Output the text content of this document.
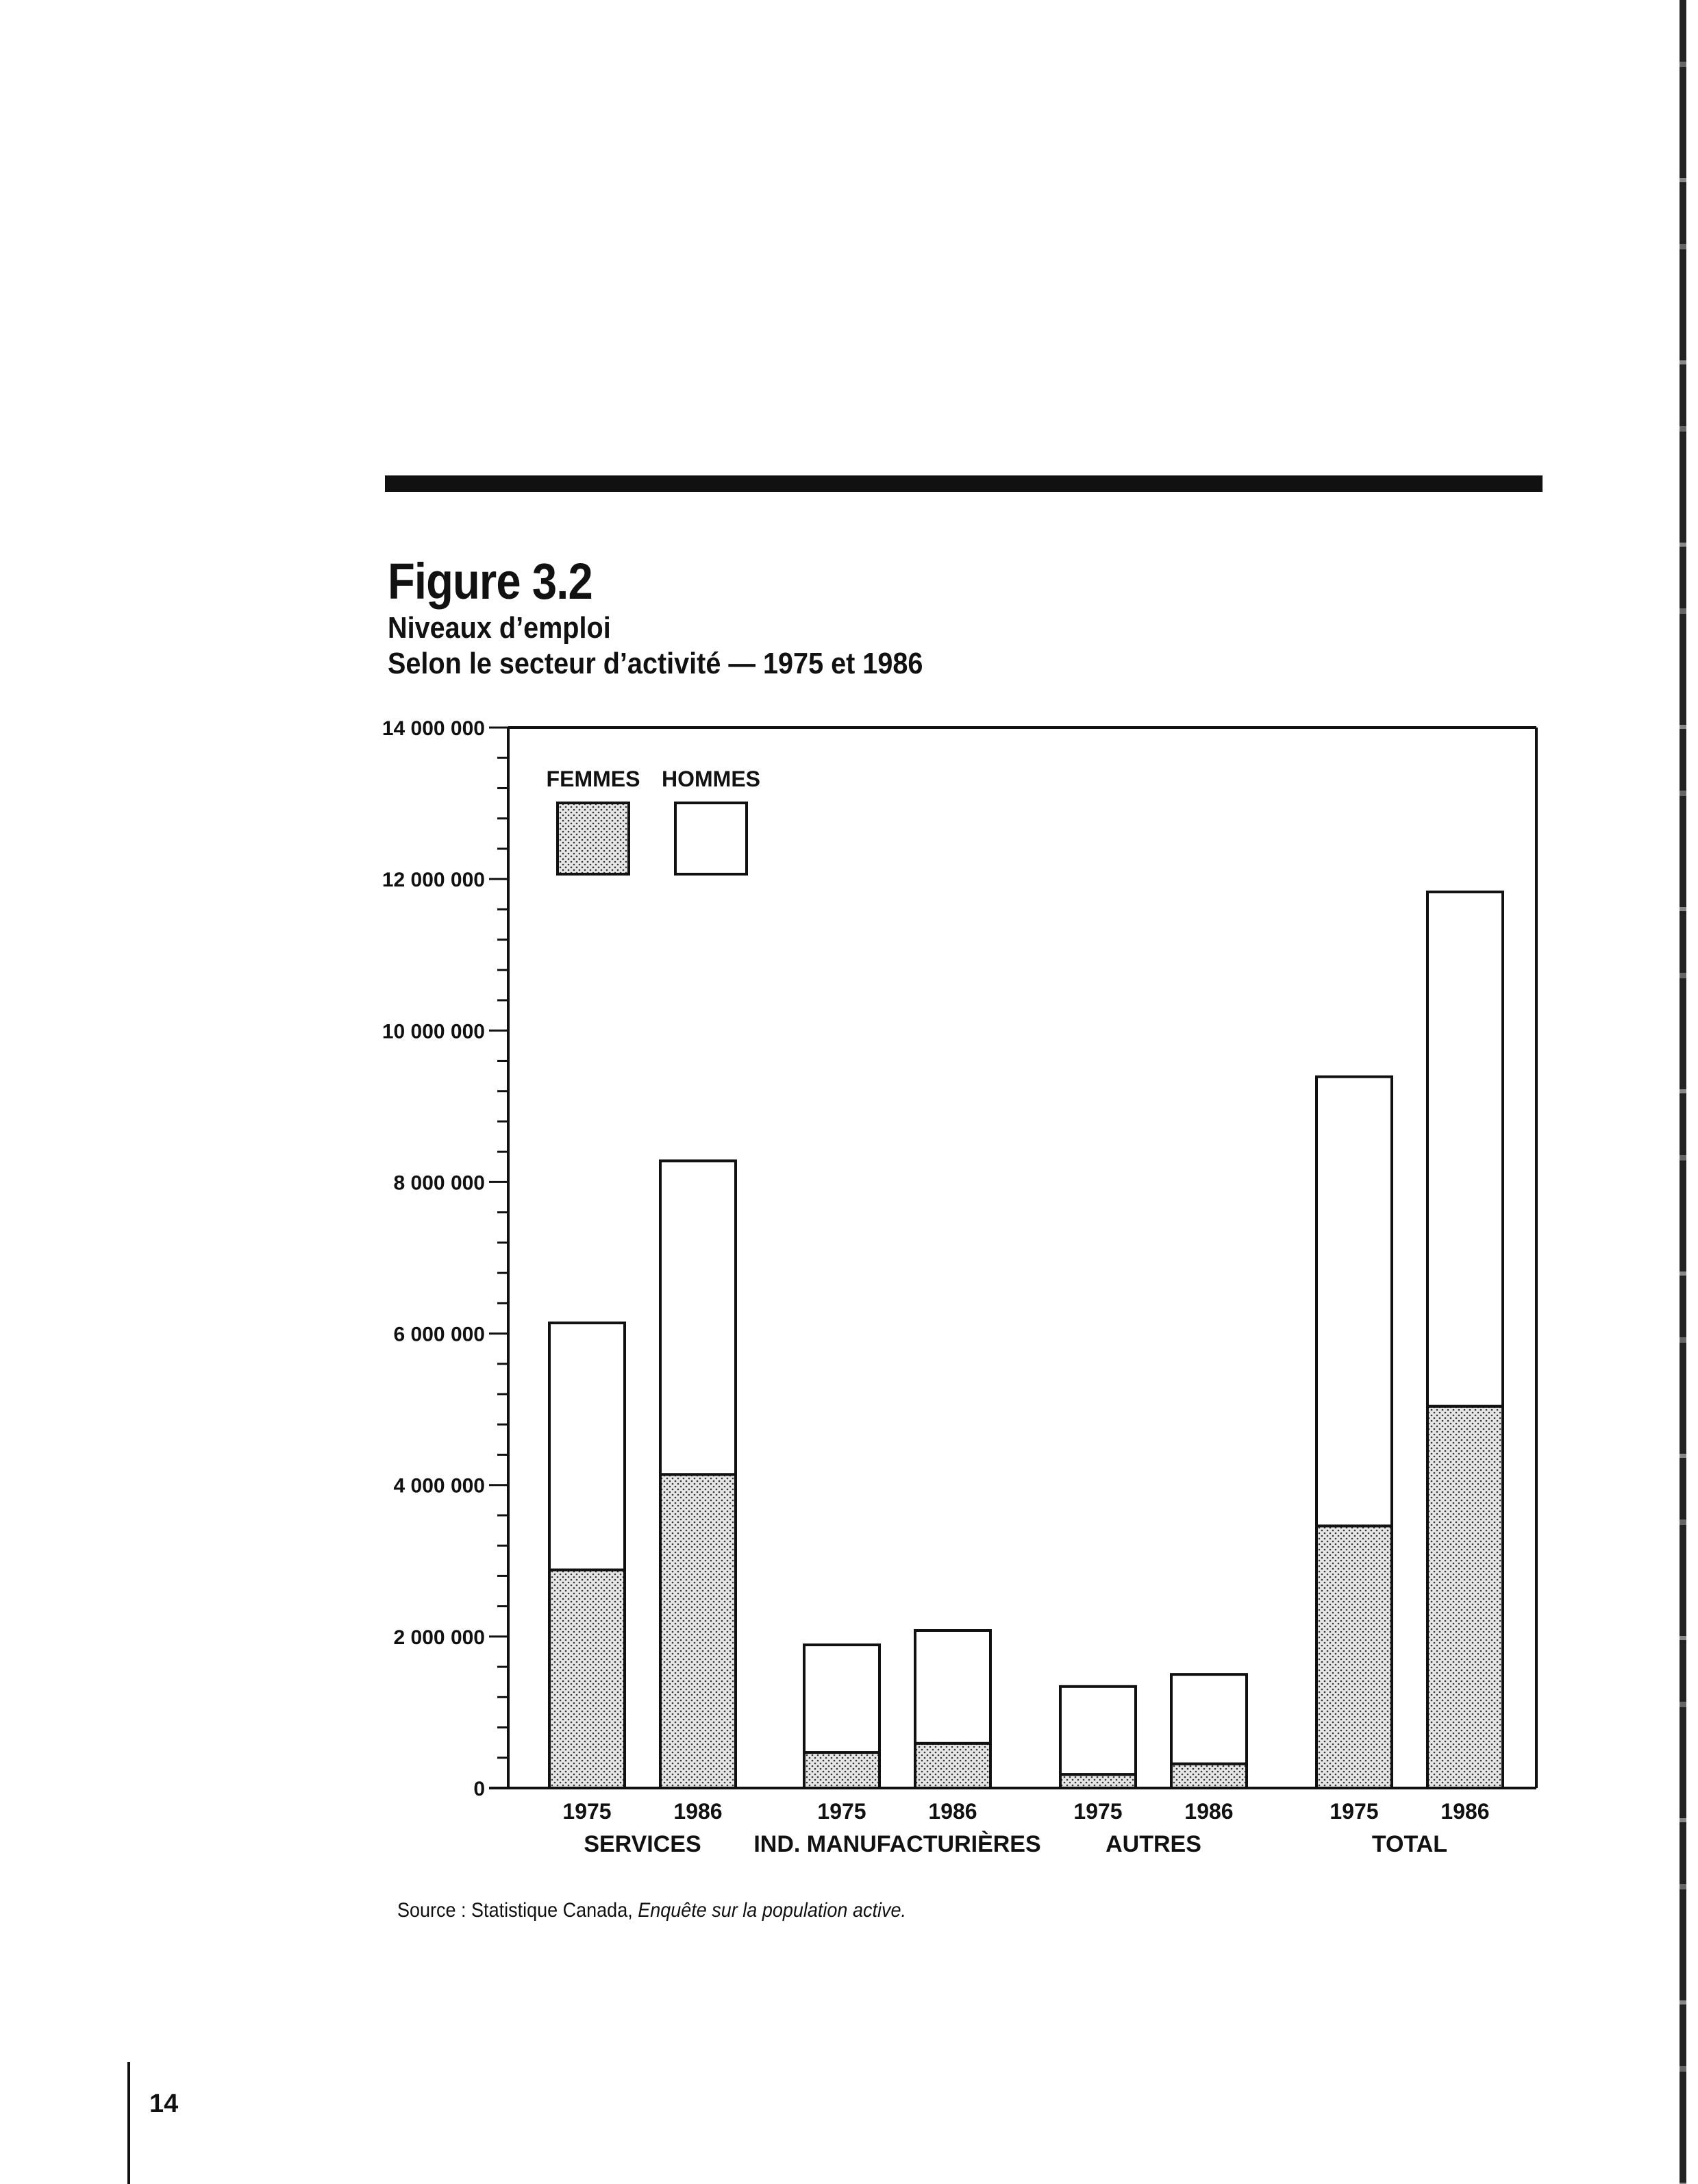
Figure 3.2
Niveaux d’emploi
Selon le secteur d’activité — 1975 et 1986
0
2 000 000
4 000 000
6 000 000
8 000 000
10 000 000
12 000 000
14 000 000
1975	1986
SERVICES
1975	1986
IND. MANUFACTURIÈRES
1975	1986
AUTRES
1975	1986
TOTAL
FEMMES HOMMES
Source : Statistique Canada, Enquête sur la population active.
14
